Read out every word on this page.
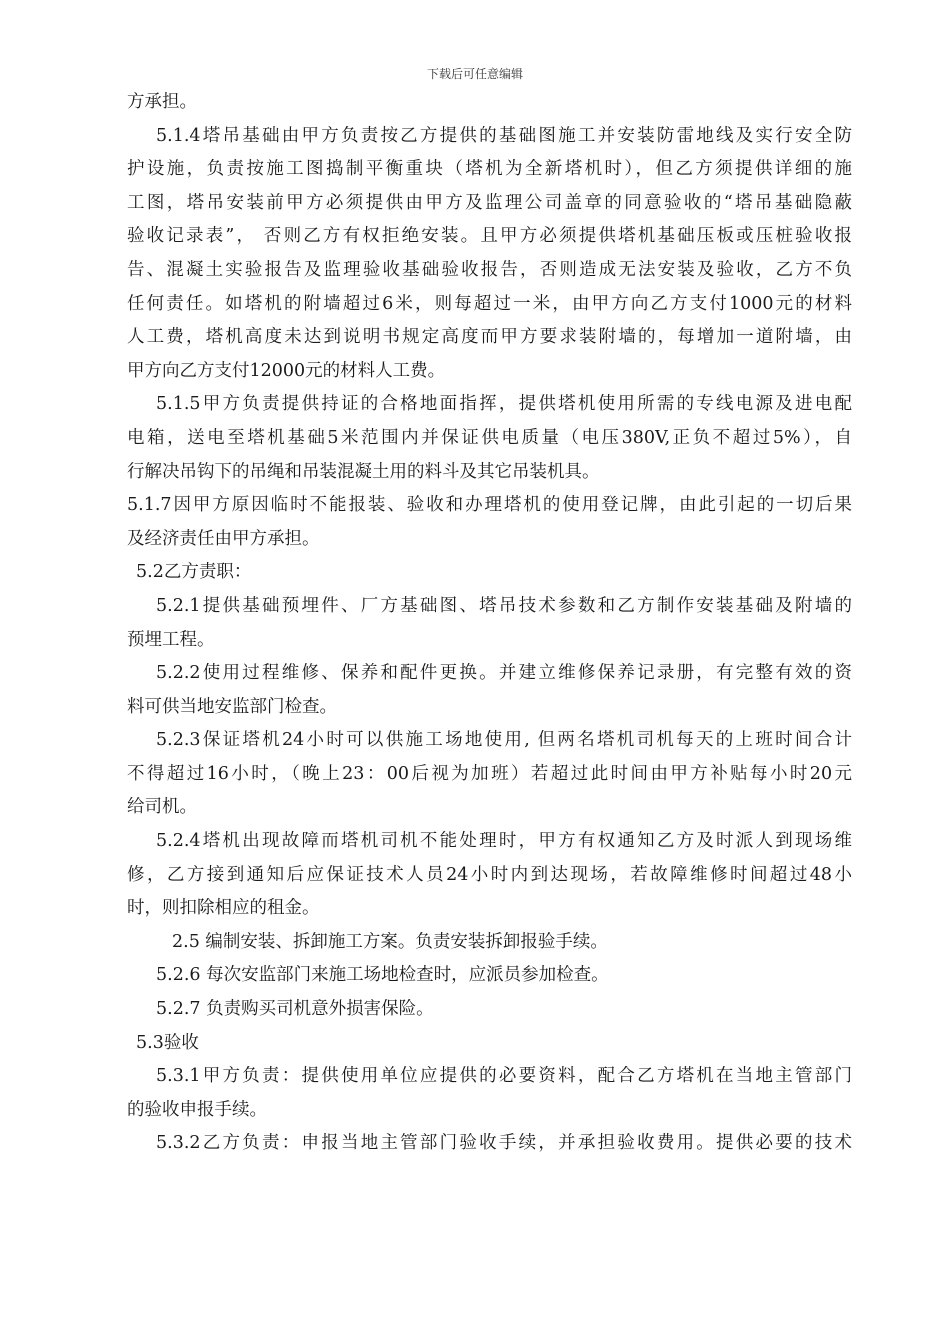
下载后可任意编辑
方承担。
5.1.4塔吊基础由甲方负责按乙方提供的基础图施工并安装防雷地线及实行安全防
护设施，负责按施工图捣制平衡重块（塔机为全新塔机时），但乙方须提供详细的施
工图，塔吊安装前甲方必须提供由甲方及监理公司盖章的同意验收的“塔吊基础隐蔽
验收记录表”， 否则乙方有权拒绝安装。且甲方必须提供塔机基础压板或压桩验收报
告、混凝土实验报告及监理验收基础验收报告，否则造成无法安装及验收，乙方不负
任何责任。如塔机的附墙超过6米，则每超过一米，由甲方向乙方支付1000元的材料
人工费，塔机高度未达到说明书规定高度而甲方要求装附墙的，每增加一道附墙，由
甲方向乙方支付12000元的材料人工费。
5.1.5甲方负责提供持证的合格地面指挥，提供塔机使用所需的专线电源及进电配
电箱，送电至塔机基础5米范围内并保证供电质量（电压380V,正负不超过5%），自
行解决吊钩下的吊绳和吊装混凝土用的料斗及其它吊装机具。
5.1.7因甲方原因临时不能报装、验收和办理塔机的使用登记牌，由此引起的一切后果
及经济责任由甲方承担。
5.2乙方责职：
5.2.1提供基础预埋件、厂方基础图、塔吊技术参数和乙方制作安装基础及附墙的
预埋工程。
5.2.2使用过程维修、保养和配件更换。并建立维修保养记录册，有完整有效的资
料可供当地安监部门检查。
5.2.3保证塔机24小时可以供施工场地使用, 但两名塔机司机每天的上班时间合计
不得超过16小时，（晚上23：00后视为加班）若超过此时间由甲方补贴每小时20元
给司机。
5.2.4塔机出现故障而塔机司机不能处理时，甲方有权通知乙方及时派人到现场维
修，乙方接到通知后应保证技术人员24小时内到达现场，若故障维修时间超过48小
时，则扣除相应的租金。
2.5 编制安装、拆卸施工方案。负责安装拆卸报验手续。
5.2.6 每次安监部门来施工场地检查时，应派员参加检查。
5.2.7 负责购买司机意外损害保险。
5.3验收
5.3.1甲方负责：提供使用单位应提供的必要资料，配合乙方塔机在当地主管部门
的验收申报手续。
5.3.2乙方负责：申报当地主管部门验收手续，并承担验收费用。提供必要的技术
